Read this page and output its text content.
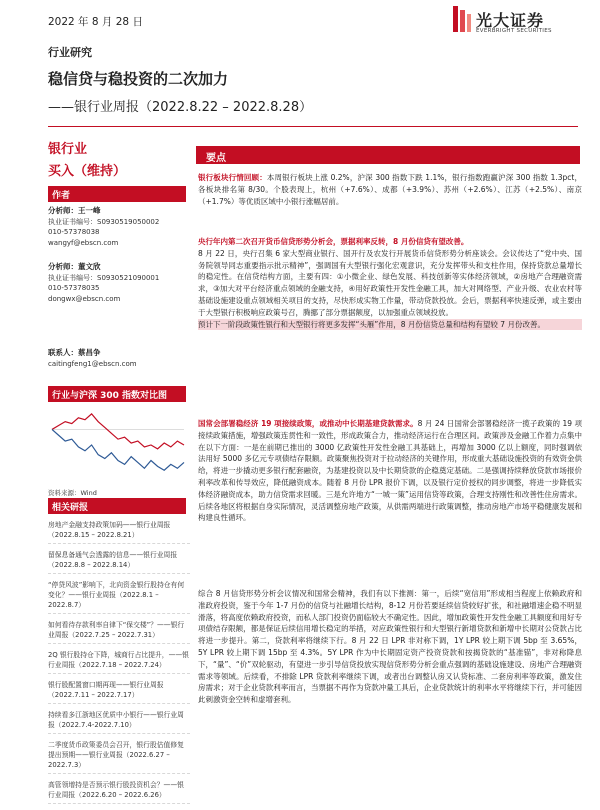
2022 年 8 月 28 日	光大证券
EVERBRIGHT SECURITIES
行业研究
稳信贷与稳投资的二次加力
——银行业周报（2022.8.22 – 2022.8.28）
银行业
买入（维持）
作者
分析师：王一峰
执业证书编号：S0930519050002
010-57378038
wangyf@ebscn.com
分析师：董文欣
执业证书编号：S0930521090001
010-57378035
dongwx@ebscn.com
联系人：蔡昌争
caitingfeng1@ebscn.com
行业与沪深 300 指数对比图
资料来源：Wind
相关研报
房地产金融支持政策加码——银行业周报（2022.8.15 – 2022.8.21）
留保息备通气会透露的信息——银行业周报（2022.8.8 – 2022.8.14）
“停贷风波”影响下，北向资金银行股持仓有何变化？——银行业周报（2022.8.1 – 2022.8.7）
如何看待存款利率自律下“保交楼”？——银行业周报（2022.7.25 – 2022.7.31）
2Q 银行股持仓下降，城商行占比提升，——银行业周报（2022.7.18 – 2022.7.24）
银行股配置窗口期再现——银行业周报（2022.7.11 – 2022.7.17）
持续看多江浙地区优质中小银行——银行业周报（2022.7.4-2022.7.10）
二季度货币政策委员会召开，银行股估值修复提出预期——银行业周报（2022.6.27 – 2022.7.3）
高管领增持是否预示银行股投资机会？——银行业周报（2022.6.20 – 2022.6.26）
要点
银行板块行情回顾：本周银行板块上涨 0.2%，沪深 300 指数下跌 1.1%，银行指数跑赢沪深 300 指数 1.3pct，各板块排名第 8/30。个股表现上，杭州（+7.6%）、成都（+3.9%）、苏州（+2.6%）、江苏（+2.5%）、南京（+1.7%）等优质区域中小银行涨幅居前。
央行年内第二次召开货币信贷形势分析会，票据利率反转，8 月份信贷有望改善。
8 月 22 日，央行召集 6 家大型商业银行、国开行及农发行开展货币信贷形势分析座谈会。会议传达了“党中央、国务院领导同志重要指示批示精神”，强调国有大型银行强化宏观意识，充分发挥带头和支柱作用，保持贷款总量增长的稳定性。在信贷结构方面，主要有四：①小微企业、绿色发展、科技创新等实体经济领域，②房地产合理融资需求，③加大对平台经济重点领域的金融支持，④用好政策性开发性金融工具，加大对网络型、产业升级、农业农村等基础设施建设重点领域相关项目的支持，尽快形成实物工作量，带动贷款投放。会后，票据利率快速反弹，或主要由于大型银行积极响应政策号召，腾挪了部分票据额度，以加强重点领域投放。
预计下一阶段政策性银行和大型银行将更多发挥“头雁”作用，8 月份信贷总量和结构有望较 7 月份改善。
国常会部署稳经济 19 项接续政策，或推动中长期基建贷款需求。8 月 24 日国常会部署稳经济一揽子政策的 19 项接续政策措施，增强政策连贯性和一致性，形成政策合力，推动经济运行在合理区间。政策涉及金融工作着力点集中在以下方面：一是在前期已推出的 3000 亿政策性开发性金融工具基础上，再增加 3000 亿以上额度，同时强调依法用好 5000 多亿元专项债结存限额。政策聚焦投资对于拉动经济的关键作用，形成重大基础设施投资的有效资金供给，将进一步撬动更多银行配套融资，为基建投资以及中长期贷款的企稳奠定基础。二是强调持续释放贷款市场报价利率改革和传导效应，降低融资成本。随着 8 月份 LPR 报价下调，以及银行定价授权的同步调整，将进一步降低实体经济融资成本，助力信贷需求回暖。三是允许地方“一城一策”运用信贷等政策，合理支持刚性和改善性住房需求。后续各地区将根据自身实际情况，灵活调整房地产政策，从供需两端进行政策调整，推动房地产市场平稳健康发展和构建良性循环。
综合 8 月信贷形势分析会议情况和国常会精神，我们有以下推测：第一，后续“宽信用”形成相当程度上依赖政府和准政府投资，鉴于今年 1-7 月份的信贷与社融增长结构，8-12 月份若要延续信贷较好扩张，和社融增速企稳不明显滑落，将高度依赖政府投资，而私人部门投资仍面临较大不确定性。因此，增加政策性开发性金融工具额度和用好专项债结存限额，都是保证后续信用增长稳定的举措，对应政策性银行和大型银行新增贷款和新增中长期对公贷款占比将进一步提升。第二，贷款利率将继续下行。8 月 22 日 LPR 非对称下调，1Y LPR 较上期下调 5bp 至 3.65%，5Y LPR 较上期下调 15bp 至 4.3%。5Y LPR 作为中长期固定资产投资贷款和按揭贷款的“基准锚”，非对称降息下，“量”、“价”双轮驱动，有望进一步引导信贷投放实现信贷形势分析会重点强调的基础设施建设、房地产合理融资需求等领域。后续看，不排除 LPR 贷款利率继续下调，或者出台调整认房又认贷标准、二套房利率等政策，激发住房需求；对于企业贷款利率而言，当票据不再作为贷款冲量工具后，企业贷款统计的利率水平将继续下行，并可能因此刺激资金空转和虚增套利。
